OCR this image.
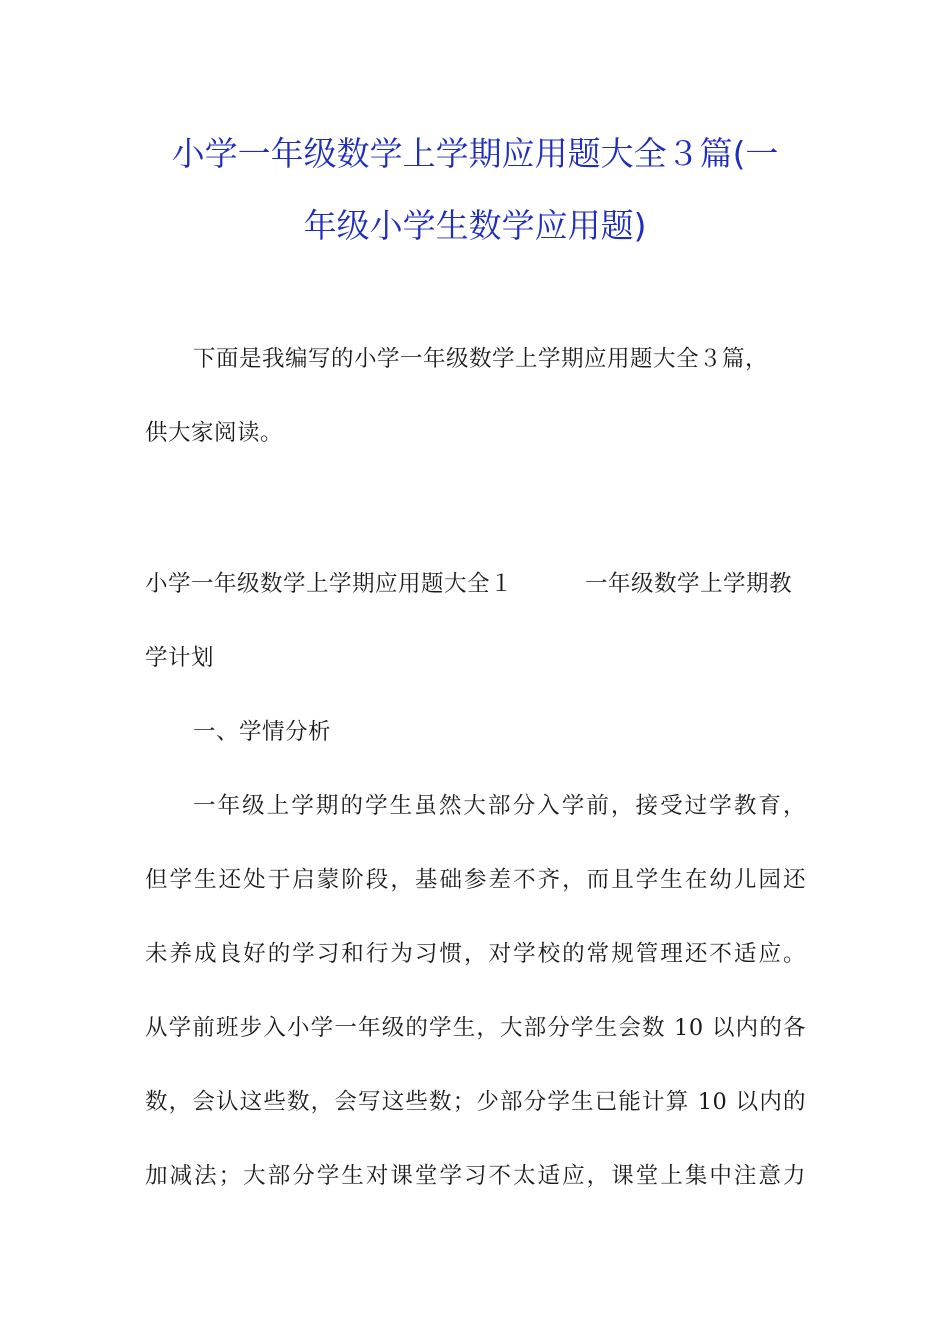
小学一年级数学上学期应用题大全３篇(一
年级小学生数学应用题)
下面是我编写的小学一年级数学上学期应用题大全３篇，
供大家阅读。
小学一年级数学上学期应用题大全１	一年级数学上学期教
学计划
一、学情分析
一年级上学期的学生虽然大部分入学前，接受过学教育，
但学生还处于启蒙阶段，基础参差不齐，而且学生在幼儿园还
未养成良好的学习和行为习惯，对学校的常规管理还不适应。
从学前班步入小学一年级的学生，大部分学生会数 10 以内的各
数，会认这些数，会写这些数；少部分学生已能计算 10 以内的
加减法；大部分学生对课堂学习不太适应，课堂上集中注意力
